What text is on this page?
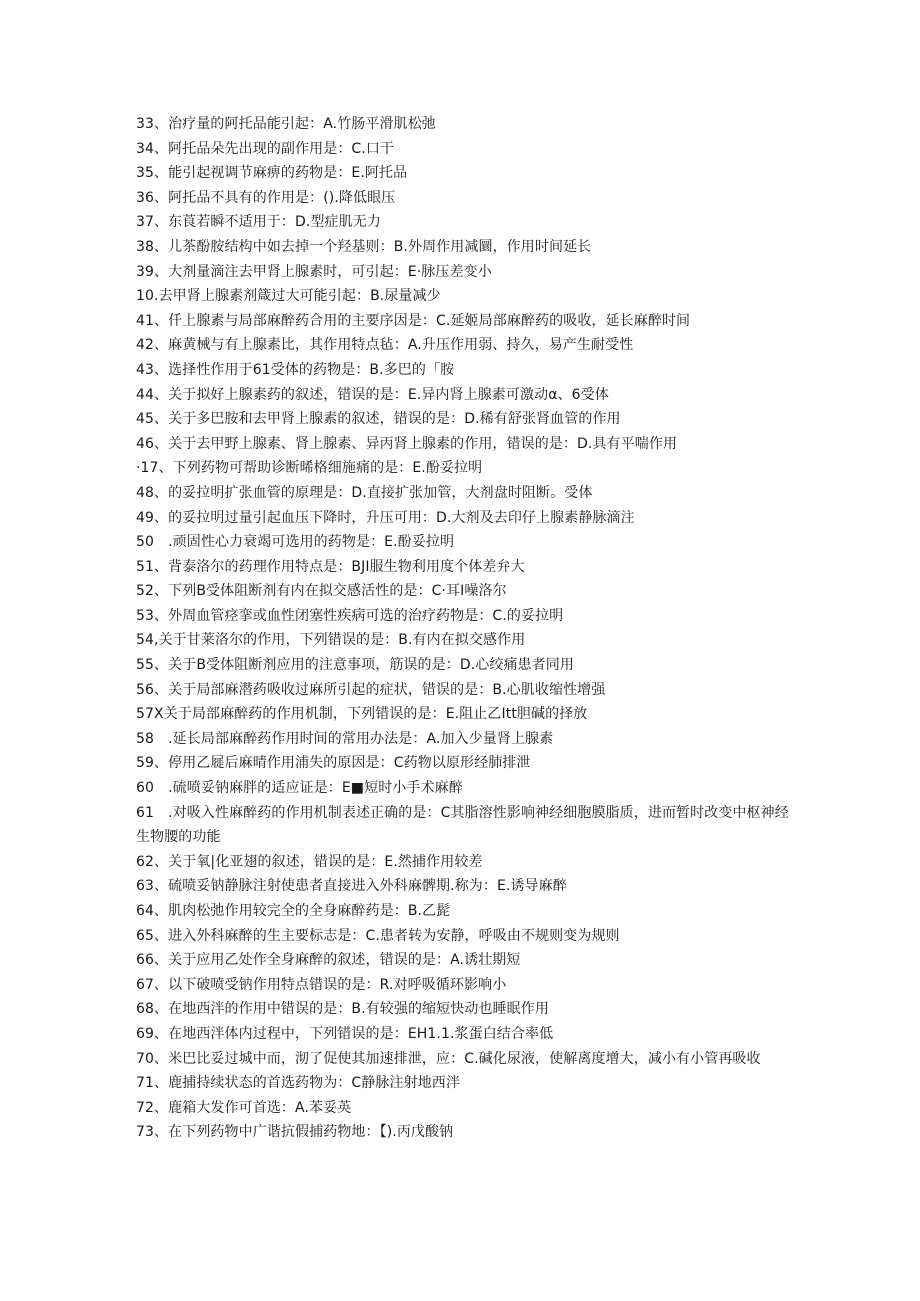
33、治疗量的阿托品能引起：A.竹肠平滑肌松弛
34、阿托品朵先出现的副作用是：C.口干
35、能引起视调节麻痹的药物是：E.阿托品
36、阿托品不具有的作用是：().降低眼压
37、东莨若瞬不适用于：D.型症肌无力
38、儿茶酚胺结构中如去掉一个羟基则：B.外周作用减圜，作用时间延长
39、大剂量滴注去甲肾上腺素时，可引起：E·脉压差变小
10.去甲肾上腺素剂箴过大可能引起：B.尿量减少
41、仟上腺素与局部麻醉药合用的主要序因是：C.延姬局部麻醉药的吸收，延长麻醉时间
42、麻黄械与有上腺素比，其作用特点毡：A.升压作用弱、持久，易产生耐受性
43、选择性作用于61受体的药物是：B.多巴的「胺
44、关于拟好上腺素药的叙述，错误的是：E.异内肾上腺素可激动α、6受体
45、关于多巴胺和去甲肾上腺素的叙述，错误的是：D.稀有舒张肾血管的作用
46、关于去甲野上腺素、肾上腺素、异丙肾上腺素的作用，错误的是：D.具有平喘作用
·17、下列药物可帮助诊断晞格细施痛的是：E.酚妥拉明
48、的妥拉明扩张血管的原理是：D.直接扩张加管，大剂盘时阻断。受体
49、的妥拉明过量引起血压下降时，升压可用：D.大剂及去印仔上腺素静脉滴注
50　.顽固性心力衰竭可选用的药物是：E.酚妥拉明
51、背泰洛尔的药理作用特点是：BJI服生物利用度个体差弁大
52、下列B受体阻断剂有内在拟交感活性的是：C·耳I噪洛尔
53、外周血管痉挛或血性闭塞性疾病可选的治疗药物是：C.的妥拉明
54,关于甘莱洛尔的作用，下列错误的是：B.有内在拟交感作用
55、关于B受体阻断剂应用的注意事项，筋误的是：D.心绞痛患者同用
56、关于局部麻潜药吸收过麻所引起的症状，错误的是：B.心肌收缩性增强
57X关于局部麻醉药的作用机制，下列错误的是：E.阻止乙Itt胆碱的择放
58　.延长局部麻醉药作用时间的常用办法是：A.加入少量肾上腺素
59、停用乙屣后麻晴作用浦失的原因是：C药物以原形经肺排泄
60　.硫喷妥钠麻胖的适应证是：E■短时小手术麻醉
61　.对吸入性麻醉药的作用机制表述正确的是：C其脂溶性影响神经细胞膜脂质，进而暂时改变中枢神经生物腰的功能
62、关于氧|化亚翅的叙述，错误的是：E.然捕作用较差
63、硫喷妥钠静脉注射使患者直接进入外科麻髀期.称为：E.诱导麻醉
64、肌肉松弛作用较完全的全身麻醉药是：B.乙髭
65、进入外科麻醉的生主要标志是：C.患者转为安静，呼吸由不规则变为规则
66、关于应用乙处作全身麻醉的叙述，错误的是：A.诱壮期短
67、以下破喷受钠作用特点错误的是：R.对呼吸循环影响小
68、在地西泮的作用中错误的是：B.有较强的缩短快动也睡眠作用
69、在地西泮体内过程中，下列错误的是：EH1.1.浆蛋白结合率低
70、米巴比妥过城中而，沏了促使其加速排泄，应：C.碱化尿液，使解离度增大，减小有小管再吸收
71、鹿捕持续状态的首选药物为：C静脉注射地西泮
72、鹿箱大发作可首选：A.苯妥英
73、在下列药物中广谐抗假捕药物地：【).丙戊酸钠
